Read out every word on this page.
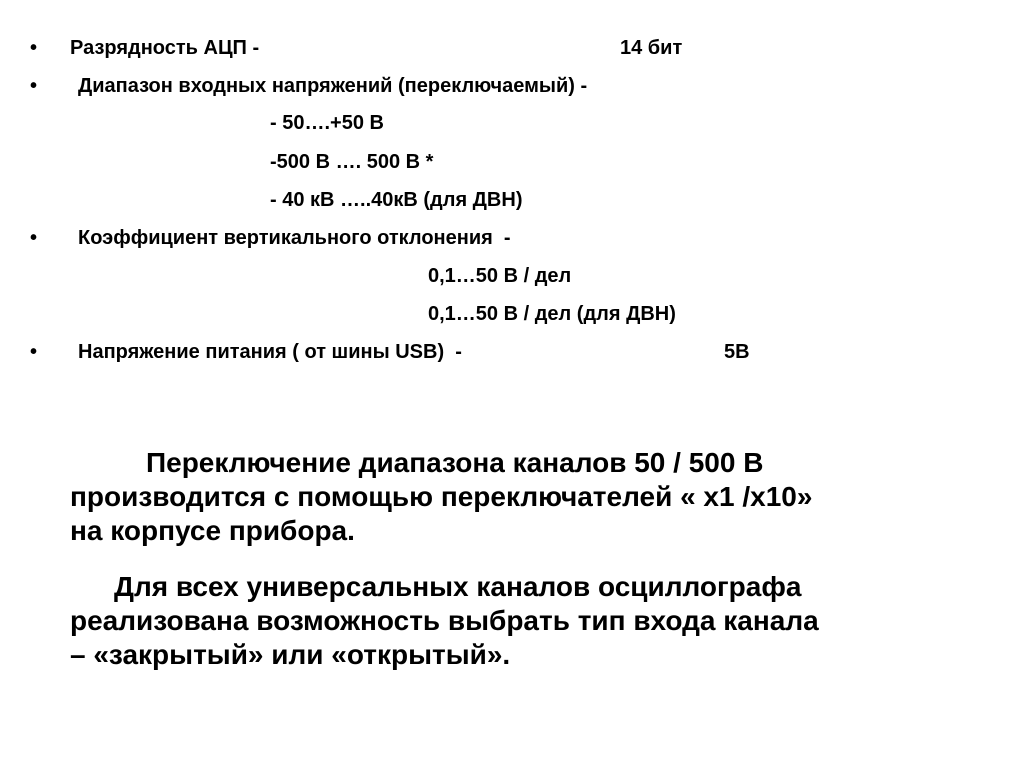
• Разрядность АЦП -	14 бит
• Диапазон входных напряжений (переключаемый) -
- 50….+50 В
-500 В …. 500 В *
- 40 кВ …..40кВ (для ДВН)
• Коэффициент вертикального отклонения  -
0,1…50 В / дел
0,1…50 В / дел (для ДВН)
• Напряжение питания ( от шины USB)  -	5В
Переключение диапазона каналов 50 / 500 В
производится с помощью переключателей « х1 /х10»
на корпусе прибора.
Для всех универсальных каналов осциллографа
реализована возможность выбрать тип входа канала
– «закрытый» или «открытый».
